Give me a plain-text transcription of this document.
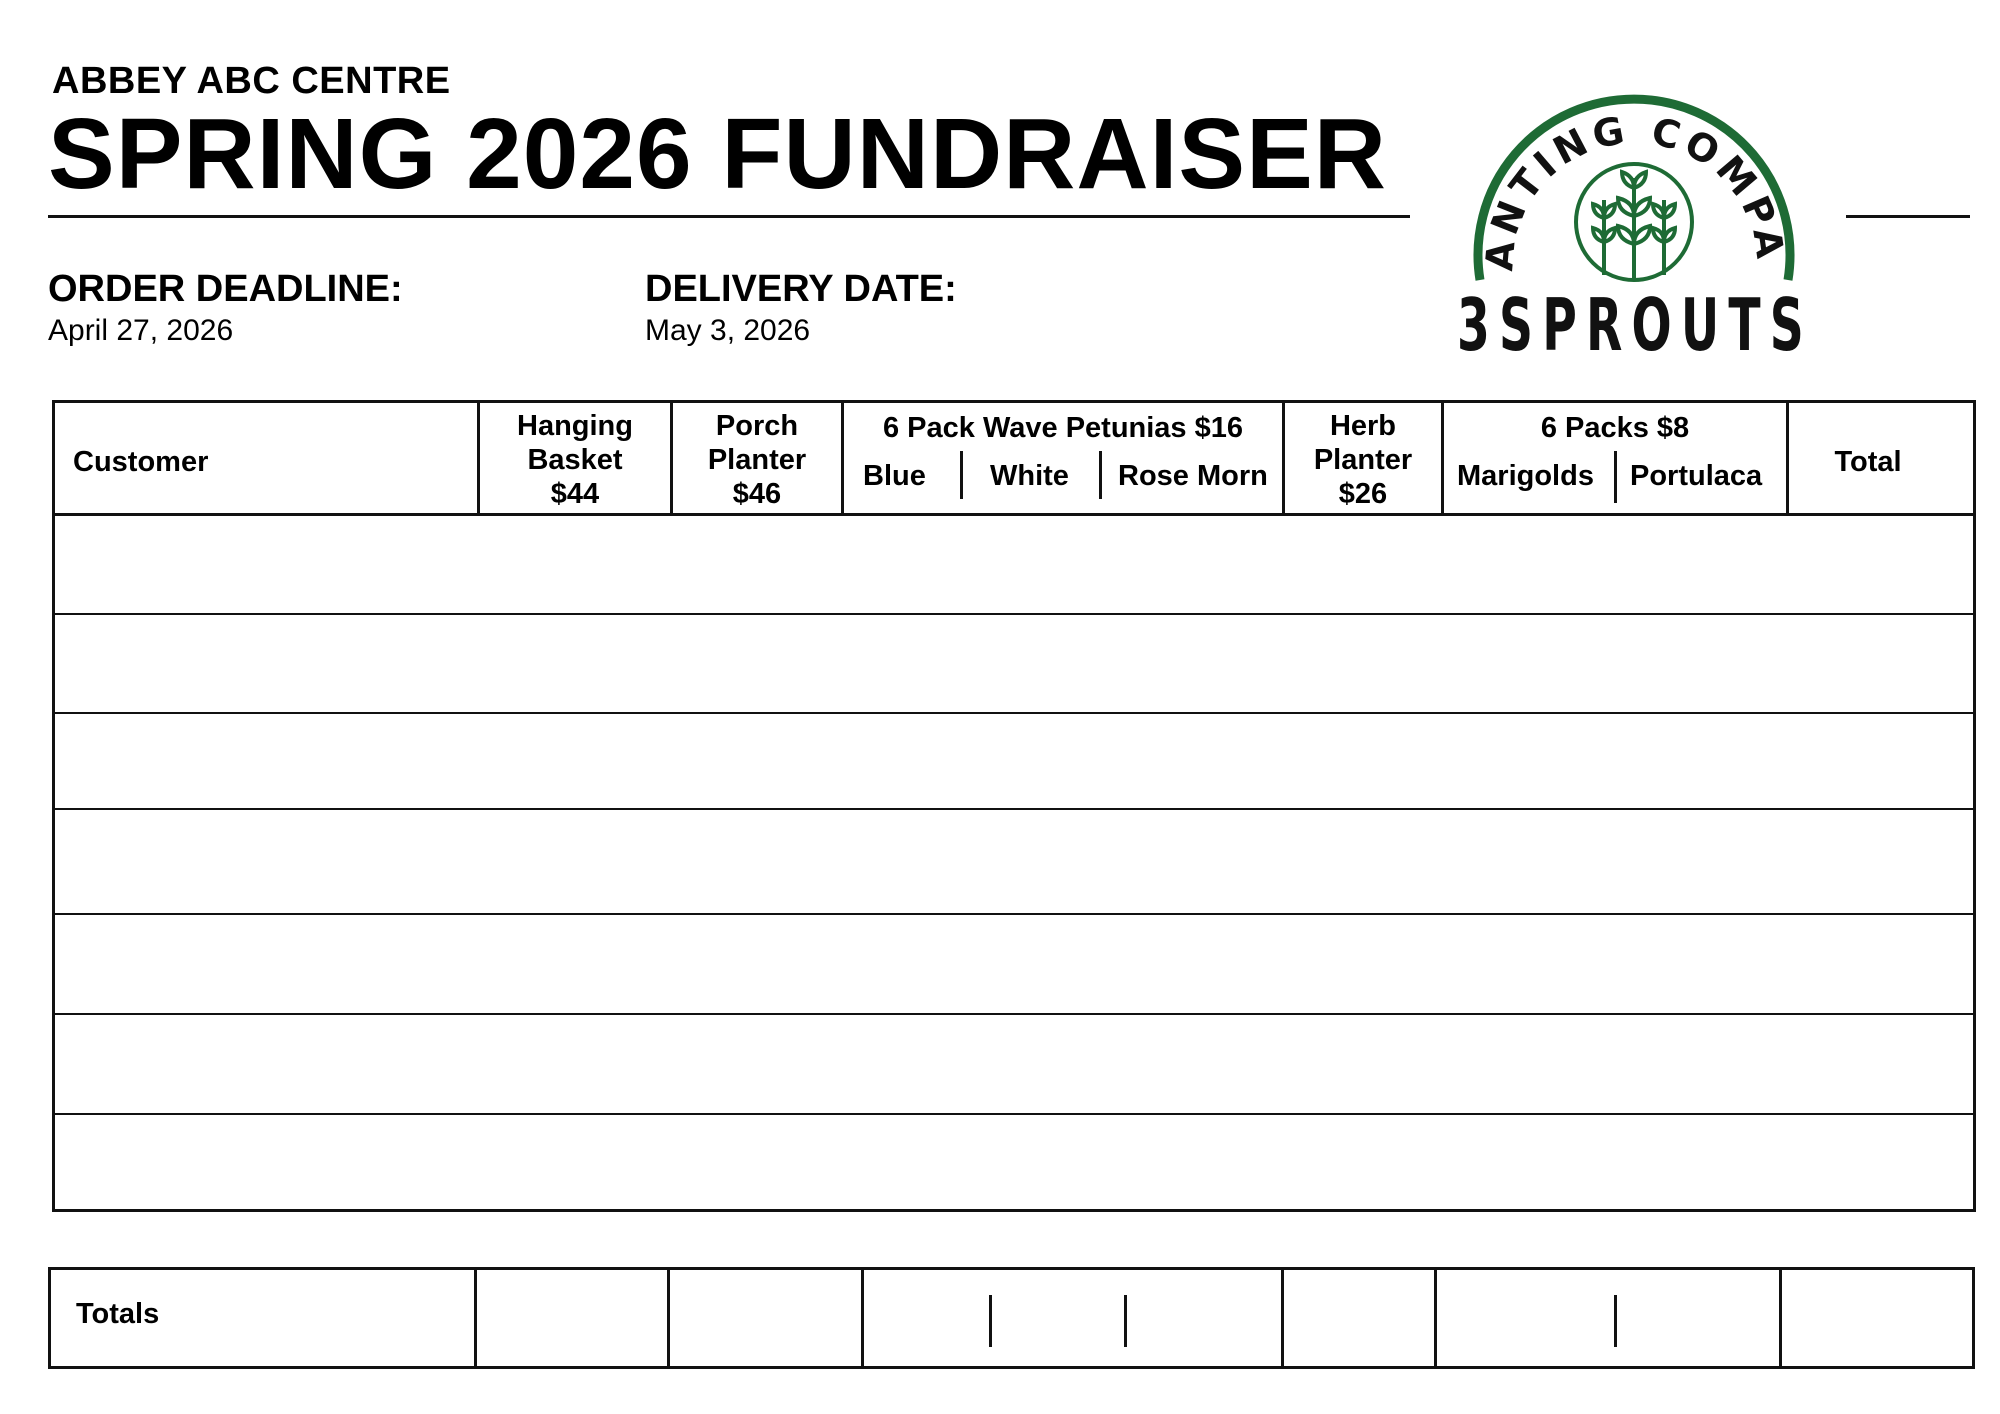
ABBEY ABC CENTRE
SPRING 2026 FUNDRAISER
ORDER DEADLINE:
April 27, 2026
DELIVERY DATE:
May 3, 2026
ANTING COMPA
3SPROUTS
Customer
Hanging
Basket
$44
Porch
Planter
$46
6 Pack Wave Petunias $16
Blue White Rose Morn
Herb
Planter
$26
6 Packs $8
Marigolds Portulaca	Total
Totals
